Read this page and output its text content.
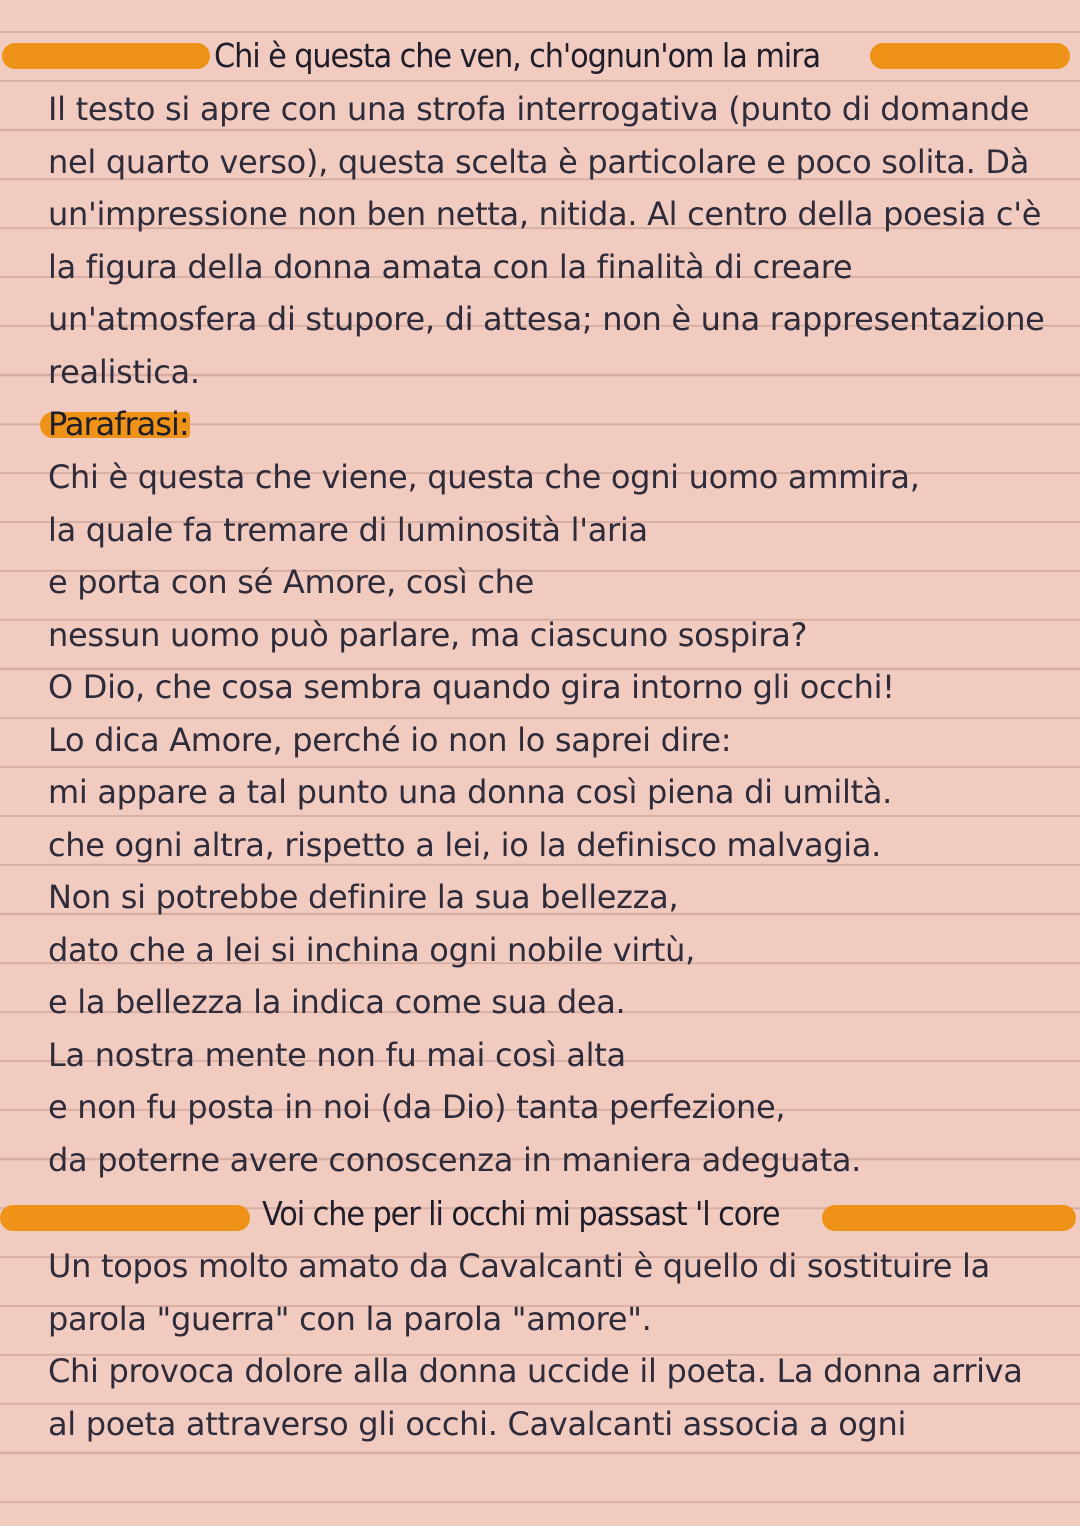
Chi è questa che ven, ch'ognun'om la mira
Il testo si apre con una strofa interrogativa (punto di domande
nel quarto verso), questa scelta è particolare e poco solita. Dà
un'impressione non ben netta, nitida. Al centro della poesia c'è
la figura della donna amata con la finalità di creare
un'atmosfera di stupore, di attesa; non è una rappresentazione
realistica.
Parafrasi:
Chi è questa che viene, questa che ogni uomo ammira,
la quale fa tremare di luminosità l'aria
e porta con sé Amore, così che
nessun uomo può parlare, ma ciascuno sospira?
O Dio, che cosa sembra quando gira intorno gli occhi!
Lo dica Amore, perché io non lo saprei dire:
mi appare a tal punto una donna così piena di umiltà.
che ogni altra, rispetto a lei, io la definisco malvagia.
Non si potrebbe definire la sua bellezza,
dato che a lei si inchina ogni nobile virtù,
e la bellezza la indica come sua dea.
La nostra mente non fu mai così alta
e non fu posta in noi (da Dio) tanta perfezione,
da poterne avere conoscenza in maniera adeguata.
Voi che per li occhi mi passast 'l core
Un topos molto amato da Cavalcanti è quello di sostituire la
parola "guerra" con la parola "amore".
Chi provoca dolore alla donna uccide il poeta. La donna arriva
al poeta attraverso gli occhi. Cavalcanti associa a ogni
